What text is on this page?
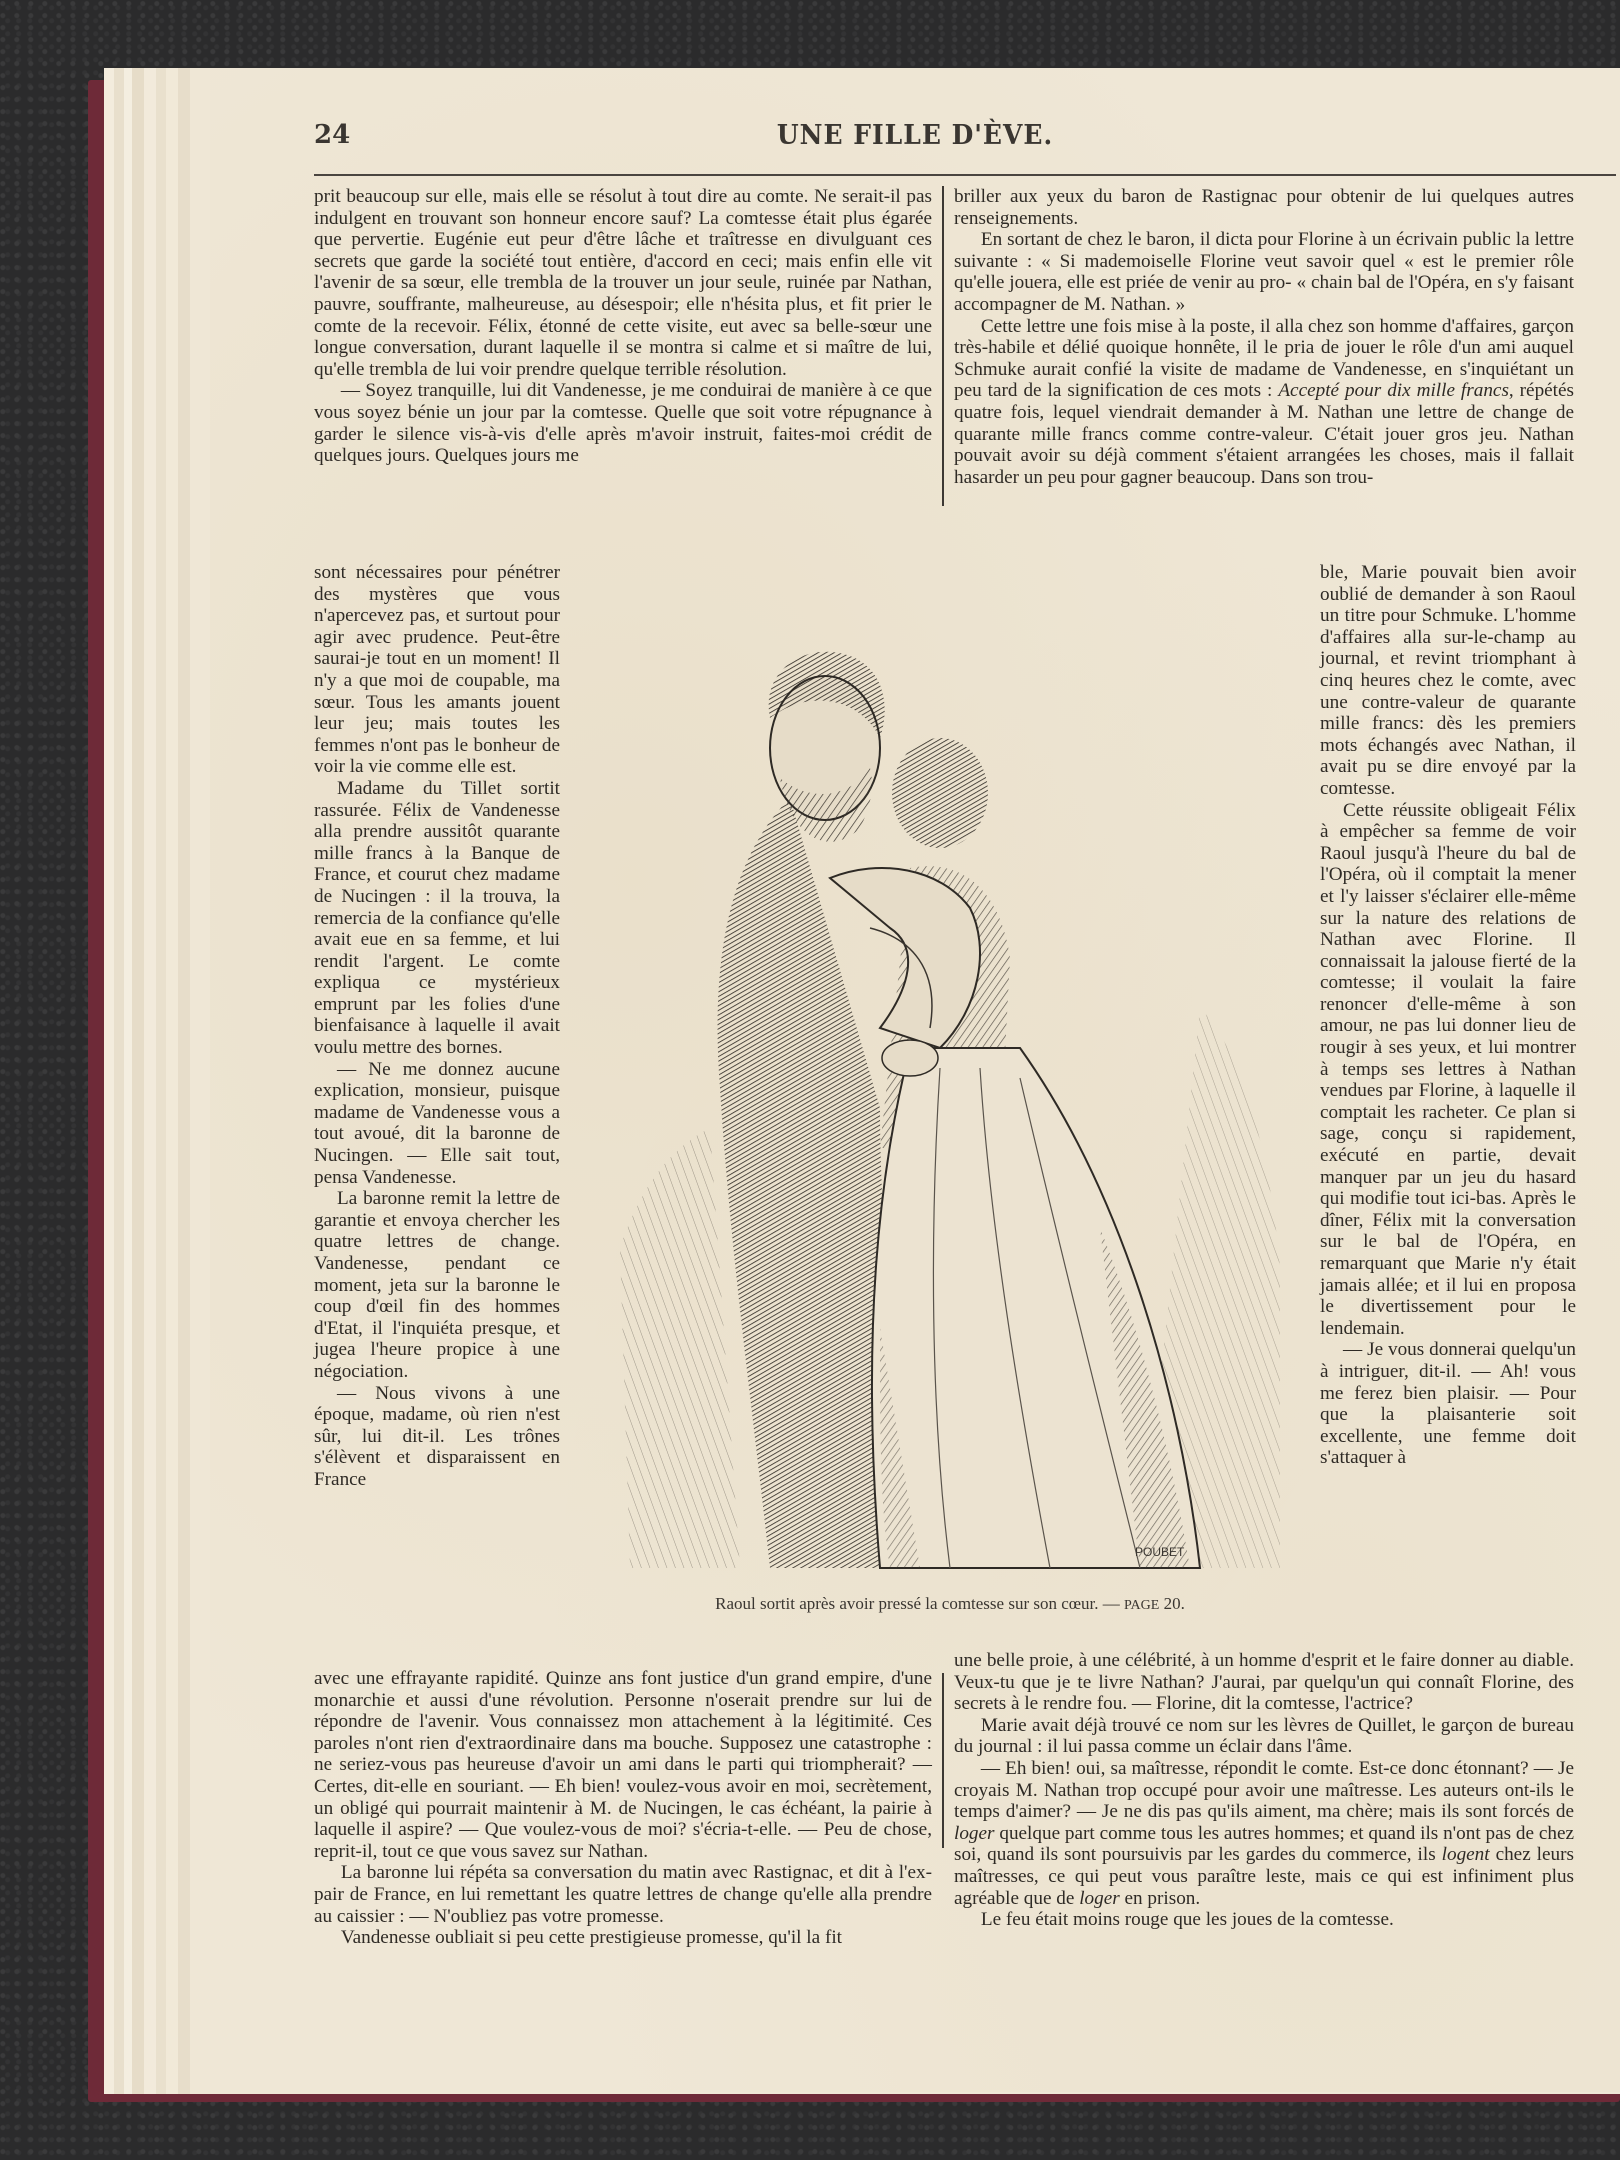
24	UNE FILLE D'ÈVE.

prit beaucoup sur elle, mais elle se résolut à tout dire au comte. Ne serait-il pas indulgent en trouvant son honneur encore sauf? La comtesse était plus égarée que pervertie. Eugénie eut peur d'être lâche et traîtresse en divulguant ces secrets que garde la société tout entière, d'accord en ceci; mais enfin elle vit l'avenir de sa sœur, elle trembla de la trouver un jour seule, ruinée par Nathan, pauvre, souffrante, malheureuse, au désespoir; elle n'hésita plus, et fit prier le comte de la recevoir. Félix, étonné de cette visite, eut avec sa belle-sœur une longue conversation, durant laquelle il se montra si calme et si maître de lui, qu'elle trembla de lui voir prendre quelque terrible résolution.

— Soyez tranquille, lui dit Vandenesse, je me conduirai de manière à ce que vous soyez bénie un jour par la comtesse. Quelle que soit votre répugnance à garder le silence vis-à-vis d'elle après m'avoir instruit, faites-moi crédit de quelques jours. Quelques jours me

briller aux yeux du baron de Rastignac pour obtenir de lui quelques autres renseignements.

En sortant de chez le baron, il dicta pour Florine à un écrivain public la lettre suivante : « Si mademoiselle Florine veut savoir quel « est le premier rôle qu'elle jouera, elle est priée de venir au pro- « chain bal de l'Opéra, en s'y faisant accompagner de M. Nathan. »

Cette lettre une fois mise à la poste, il alla chez son homme d'affaires, garçon très-habile et délié quoique honnête, il le pria de jouer le rôle d'un ami auquel Schmuke aurait confié la visite de madame de Vandenesse, en s'inquiétant un peu tard de la signification de ces mots : Accepté pour dix mille francs, répétés quatre fois, lequel viendrait demander à M. Nathan une lettre de change de quarante mille francs comme contre-valeur. C'était jouer gros jeu. Nathan pouvait avoir su déjà comment s'étaient arrangées les choses, mais il fallait hasarder un peu pour gagner beaucoup. Dans son trou-

sont nécessaires pour pénétrer des mystères que vous n'apercevez pas, et surtout pour agir avec prudence. Peut-être saurai-je tout en un moment! Il n'y a que moi de coupable, ma sœur. Tous les amants jouent leur jeu; mais toutes les femmes n'ont pas le bonheur de voir la vie comme elle est.

Madame du Tillet sortit rassurée. Félix de Vandenesse alla prendre aussitôt quarante mille francs à la Banque de France, et courut chez madame de Nucingen : il la trouva, la remercia de la confiance qu'elle avait eue en sa femme, et lui rendit l'argent. Le comte expliqua ce mystérieux emprunt par les folies d'une bienfaisance à laquelle il avait voulu mettre des bornes.

— Ne me donnez aucune explication, monsieur, puisque madame de Vandenesse vous a tout avoué, dit la baronne de Nucingen. — Elle sait tout, pensa Vandenesse.

La baronne remit la lettre de garantie et envoya chercher les quatre lettres de change. Vandenesse, pendant ce moment, jeta sur la baronne le coup d'œil fin des hommes d'Etat, il l'inquiéta presque, et jugea l'heure propice à une négociation.

— Nous vivons à une époque, madame, où rien n'est sûr, lui dit-il. Les trônes s'élèvent et disparaissent en France

ble, Marie pouvait bien avoir oublié de demander à son Raoul un titre pour Schmuke. L'homme d'affaires alla sur-le-champ au journal, et revint triomphant à cinq heures chez le comte, avec une contre-valeur de quarante mille francs: dès les premiers mots échangés avec Nathan, il avait pu se dire envoyé par la comtesse.

Cette réussite obligeait Félix à empêcher sa femme de voir Raoul jusqu'à l'heure du bal de l'Opéra, où il comptait la mener et l'y laisser s'éclairer elle-même sur la nature des relations de Nathan avec Florine. Il connaissait la jalouse fierté de la comtesse; il voulait la faire renoncer d'elle-même à son amour, ne pas lui donner lieu de rougir à ses yeux, et lui montrer à temps ses lettres à Nathan vendues par Florine, à laquelle il comptait les racheter. Ce plan si sage, conçu si rapidement, exécuté en partie, devait manquer par un jeu du hasard qui modifie tout ici-bas. Après le dîner, Félix mit la conversation sur le bal de l'Opéra, en remarquant que Marie n'y était jamais allée; et il lui en proposa le divertissement pour le lendemain.

— Je vous donnerai quelqu'un à intriguer, dit-il. — Ah! vous me ferez bien plaisir. — Pour que la plaisanterie soit excellente, une femme doit s'attaquer à

POUBET
Raoul sortit après avoir pressé la comtesse sur son cœur. — PAGE 20.

avec une effrayante rapidité. Quinze ans font justice d'un grand empire, d'une monarchie et aussi d'une révolution. Personne n'oserait prendre sur lui de répondre de l'avenir. Vous connaissez mon attachement à la légitimité. Ces paroles n'ont rien d'extraordinaire dans ma bouche. Supposez une catastrophe : ne seriez-vous pas heureuse d'avoir un ami dans le parti qui triompherait? — Certes, dit-elle en souriant. — Eh bien! voulez-vous avoir en moi, secrètement, un obligé qui pourrait maintenir à M. de Nucingen, le cas échéant, la pairie à laquelle il aspire? — Que voulez-vous de moi? s'écria-t-elle. — Peu de chose, reprit-il, tout ce que vous savez sur Nathan.

La baronne lui répéta sa conversation du matin avec Rastignac, et dit à l'ex-pair de France, en lui remettant les quatre lettres de change qu'elle alla prendre au caissier : — N'oubliez pas votre promesse.

Vandenesse oubliait si peu cette prestigieuse promesse, qu'il la fit

une belle proie, à une célébrité, à un homme d'esprit et le faire donner au diable. Veux-tu que je te livre Nathan? J'aurai, par quelqu'un qui connaît Florine, des secrets à le rendre fou. — Florine, dit la comtesse, l'actrice?

Marie avait déjà trouvé ce nom sur les lèvres de Quillet, le garçon de bureau du journal : il lui passa comme un éclair dans l'âme.

— Eh bien! oui, sa maîtresse, répondit le comte. Est-ce donc étonnant? — Je croyais M. Nathan trop occupé pour avoir une maîtresse. Les auteurs ont-ils le temps d'aimer? — Je ne dis pas qu'ils aiment, ma chère; mais ils sont forcés de loger quelque part comme tous les autres hommes; et quand ils n'ont pas de chez soi, quand ils sont poursuivis par les gardes du commerce, ils logent chez leurs maîtresses, ce qui peut vous paraître leste, mais ce qui est infiniment plus agréable que de loger en prison.

Le feu était moins rouge que les joues de la comtesse.
